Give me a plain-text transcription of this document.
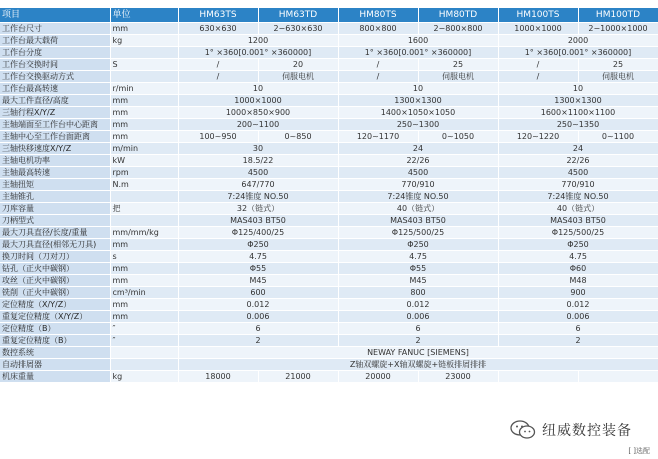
项目	单位	HM63TS	HM63TD	HM80TS	HM80TD	HM100TS	HM100TD
工作台尺寸	mm	630×630	2−630×630	800×800	2−800×800	1000×1000	2−1000×1000
工作台最大载荷	kg	1200		1600		2000	
工作台分度		1° ×360[0.001° ×360000]		1° ×360[0.001° ×360000]		1° ×360[0.001° ×360000]	
工作台交换时间	S	/	20	/	25	/	25
工作台交换驱动方式		/	伺服电机	/	伺服电机	/	伺服电机
工作台最高转速	r/min	10		10		10	
最大工件直径/高度	mm	1000×1000		1300×1300		1300×1300	
三轴行程X/Y/Z	mm	1000×850×900		1400×1050×1050		1600×1100×1100	
主轴端面至工作台中心距离	mm	200~1100		250~1300		250~1350	
主轴中心至工作台面距离	mm	100~950	0~850	120~1170	0~1050	120~1220	0~1100
三轴快移速度X/Y/Z	m/min	30		24		24	
主轴电机功率	kW	18.5/22		22/26		22/26	
主轴最高转速	rpm	4500		4500		4500	
主轴扭矩	N.m	647/770		770/910		770/910	
主轴锥孔		7:24锥度 NO.50		7:24锥度 NO.50		7:24锥度 NO.50	
刀库容量	把	32（链式）		40（链式）		40（链式）	
刀柄型式		MAS403 BT50		MAS403 BT50		MAS403 BT50	
最大刀具直径/长度/重量	mm/mm/kg	Φ125/400/25		Φ125/500/25		Φ125/500/25	
最大刀具直径(相邻无刀具)	mm	Φ250		Φ250		Φ250	
换刀时间（刀对刀）	s	4.75		4.75		4.75	
钻孔（正火中碳钢）	mm	Φ55		Φ55		Φ60	
攻丝（正火中碳钢）	mm	M45		M45		M48	
铣削（正火中碳钢）	cm³/min	600		800		900	
定位精度（X/Y/Z）	mm	0.012		0.012		0.012	
重复定位精度（X/Y/Z）	mm	0.006		0.006		0.006	
定位精度（B）	″	6		6		6	
重复定位精度（B）	″	2		2		2	
数控系统		NEWAY FANUC [SIEMENS]					
自动排屑器		Z轴双螺旋+X轴双螺旋+链板排屑排排					
机床重量	kg	18000	21000	20000	23000		
纽威数控装备
[ ]选配
